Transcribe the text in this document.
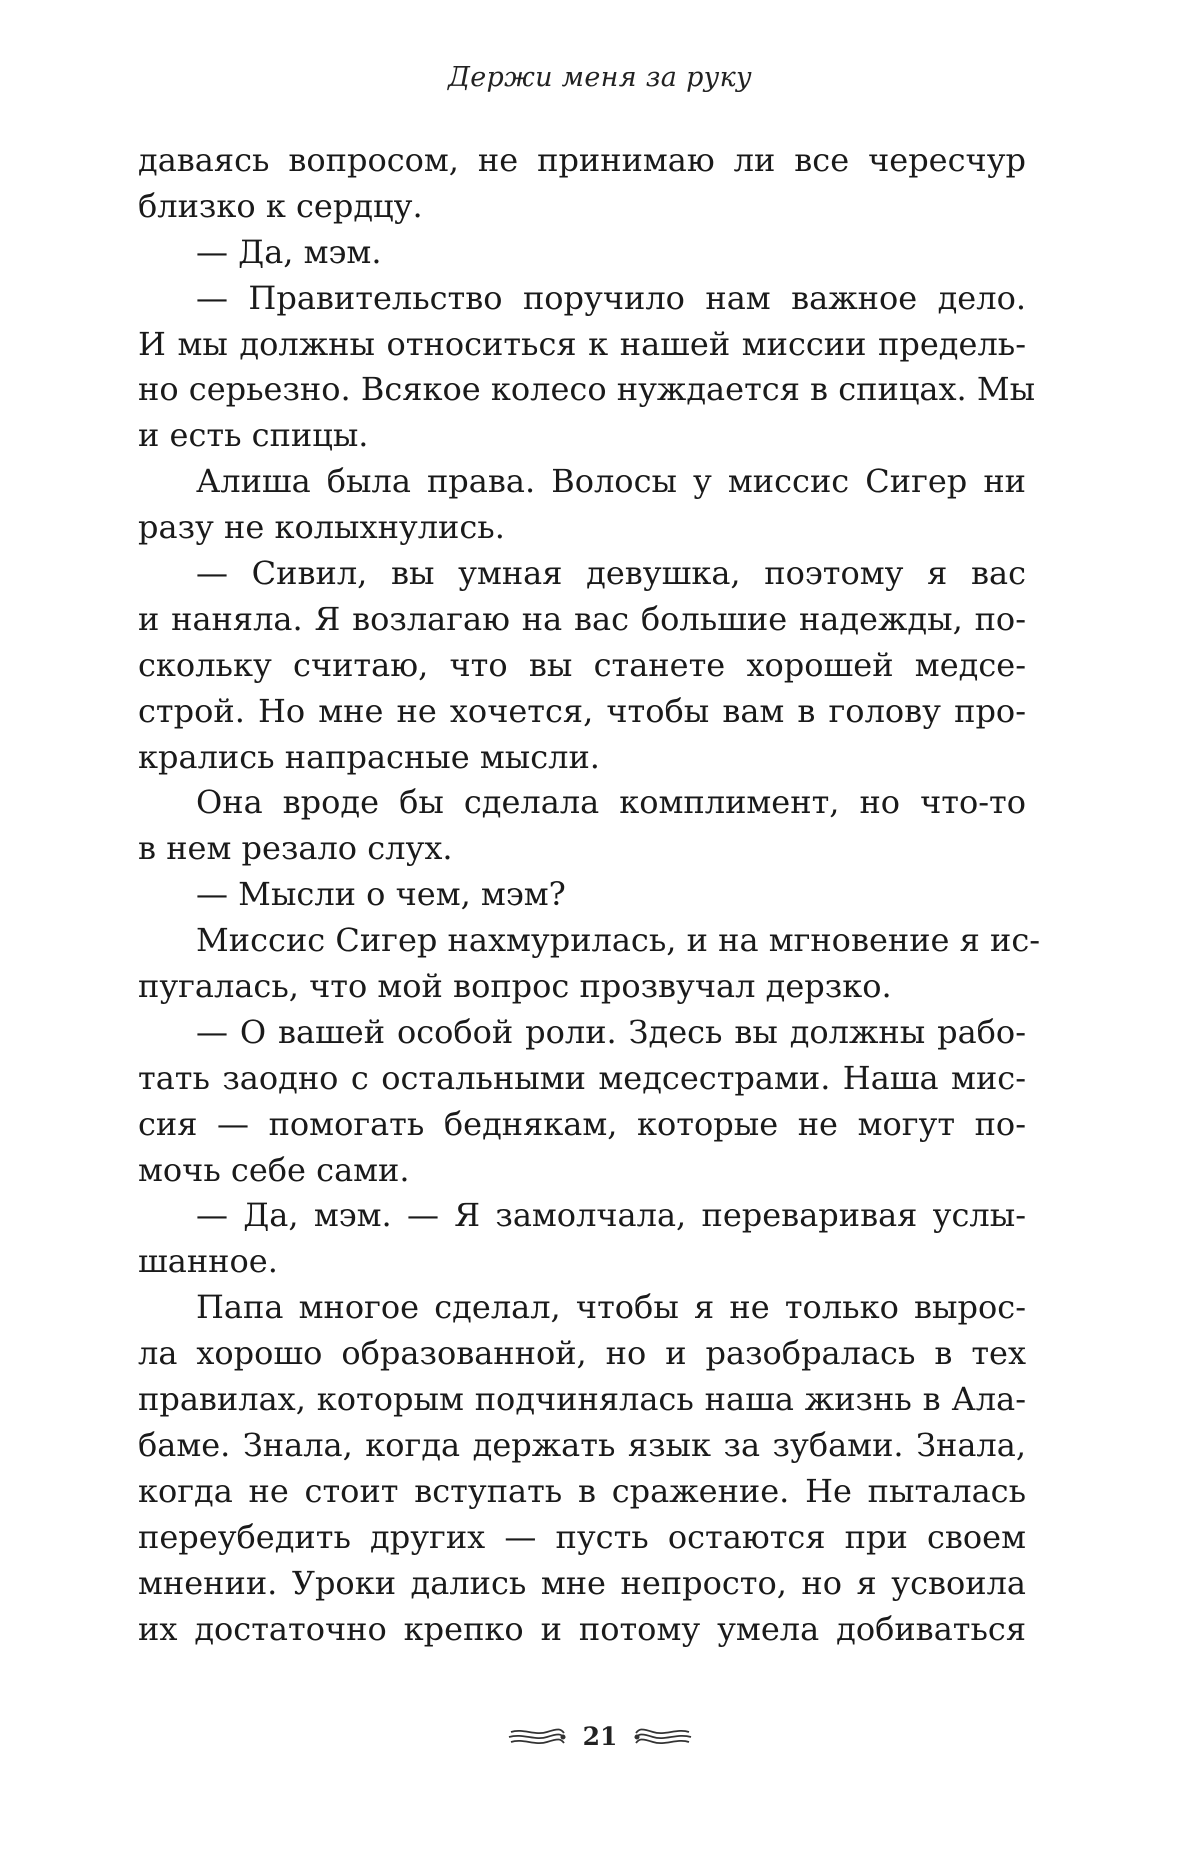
Держи меня за руку
даваясь вопросом, не принимаю ли все чересчур
близко к сердцу.
— Да, мэм.
— Правительство поручило нам важное дело.
И мы должны относиться к нашей миссии предель-
но серьезно. Всякое колесо нуждается в спицах. Мы
и есть спицы.
Алиша была права. Волосы у миссис Сигер ни
разу не колыхнулись.
— Сивил, вы умная девушка, поэтому я вас
и наняла. Я возлагаю на вас большие надежды, по-
скольку считаю, что вы станете хорошей медсе-
строй. Но мне не хочется, чтобы вам в голову про-
крались напрасные мысли.
Она вроде бы сделала комплимент, но что-то
в нем резало слух.
— Мысли о чем, мэм?
Миссис Сигер нахмурилась, и на мгновение я ис-
пугалась, что мой вопрос прозвучал дерзко.
— О вашей особой роли. Здесь вы должны рабо-
тать заодно с остальными медсестрами. Наша мис-
сия — помогать беднякам, которые не могут по-
мочь себе сами.
— Да, мэм. — Я замолчала, переваривая услы-
шанное.
Папа многое сделал, чтобы я не только вырос-
ла хорошо образованной, но и разобралась в тех
правилах, которым подчинялась наша жизнь в Ала-
баме. Знала, когда держать язык за зубами. Знала,
когда не стоит вступать в сражение. Не пыталась
переубедить других — пусть остаются при своем
мнении. Уроки дались мне непросто, но я усвоила
их достаточно крепко и потому умела добиваться
21
